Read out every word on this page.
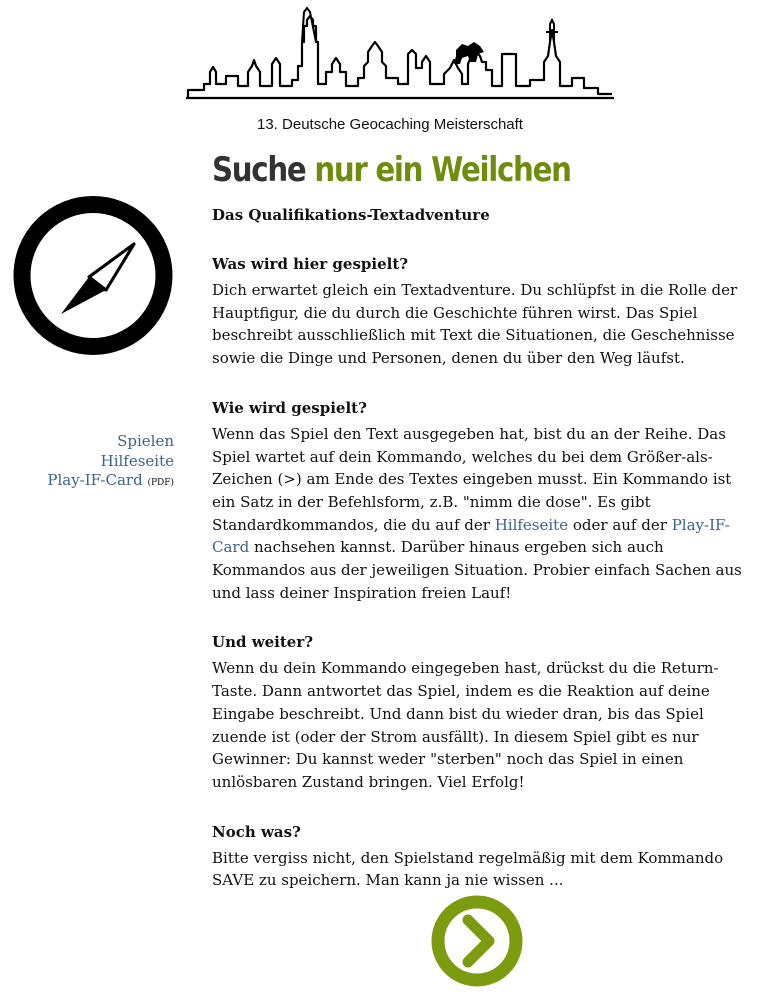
13. Deutsche Geocaching Meisterschaft
Suche nur ein Weilchen
Das Qualifikations-Textadventure
Was wird hier gespielt?

Dich erwartet gleich ein Textadventure. Du schlüpfst in die Rolle der Hauptfigur, die du durch die Geschichte führen wirst. Das Spiel beschreibt ausschließlich mit Text die Situationen, die Geschehnisse sowie die Dinge und Personen, denen du über den Weg läufst.

Wie wird gespielt?

Wenn das Spiel den Text ausgegeben hat, bist du an der Reihe. Das Spiel wartet auf dein Kommando, welches du bei dem Größer-als-Zeichen (>) am Ende des Textes eingeben musst. Ein Kommando ist ein Satz in der Befehlsform, z.B. "nimm die dose". Es gibt Standardkommandos, die du auf der Hilfeseite oder auf der Play-IF-Card nachsehen kannst. Darüber hinaus ergeben sich auch Kommandos aus der jeweiligen Situation. Probier einfach Sachen aus und lass deiner Inspiration freien Lauf!

Und weiter?

Wenn du dein Kommando eingegeben hast, drückst du die Return-Taste. Dann antwortet das Spiel, indem es die Reaktion auf deine Eingabe beschreibt. Und dann bist du wieder dran, bis das Spiel zuende ist (oder der Strom ausfällt). In diesem Spiel gibt es nur Gewinner: Du kannst weder "sterben" noch das Spiel in einen unlösbaren Zustand bringen. Viel Erfolg!

Noch was?

Bitte vergiss nicht, den Spielstand regelmäßig mit dem Kommando SAVE zu speichern. Man kann ja nie wissen ...

Spielen
Hilfeseite
Play-IF-Card (PDF)
